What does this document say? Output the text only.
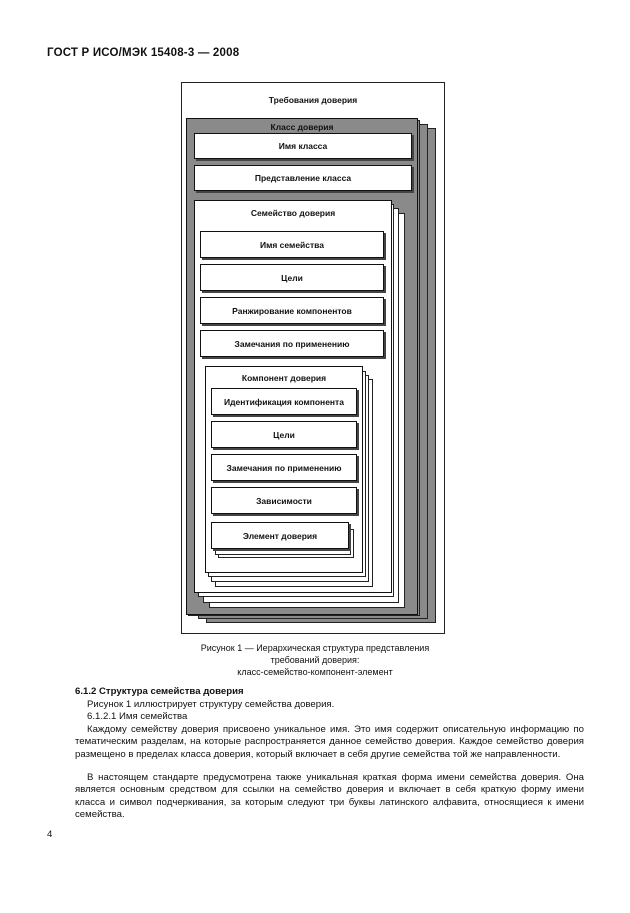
ГОСТ Р ИСО/МЭК 15408-3 — 2008
Требования доверия
Класс доверия
Имя класса
Представление класса
Семейство доверия
Имя семейства
Цели
Ранжирование компонентов
Замечания по применению
Компонент доверия
Идентификация компонента
Цели
Замечания по применению
Зависимости
Элемент доверия
Рисунок 1 — Иерархическая структура представления
требований доверия:
класс-семейство-компонент-элемент
6.1.2 Структура семейства доверия
Рисунок 1 иллюстрирует структуру семейства доверия.
6.1.2.1 Имя семейства
Каждому семейству доверия присвоено уникальное имя. Это имя содержит описательную информацию по тематическим разделам, на которые распространяется данное семейство доверия. Каждое семейство доверия размещено в пределах класса доверия, который включает в себя другие семейства той же направленности.
В настоящем стандарте предусмотрена также уникальная краткая форма имени семейства доверия. Она является основным средством для ссылки на семейство доверия и включает в себя краткую форму имени класса и символ подчеркивания, за которым следуют три буквы латинского алфавита, относящиеся к имени семейства.
4
